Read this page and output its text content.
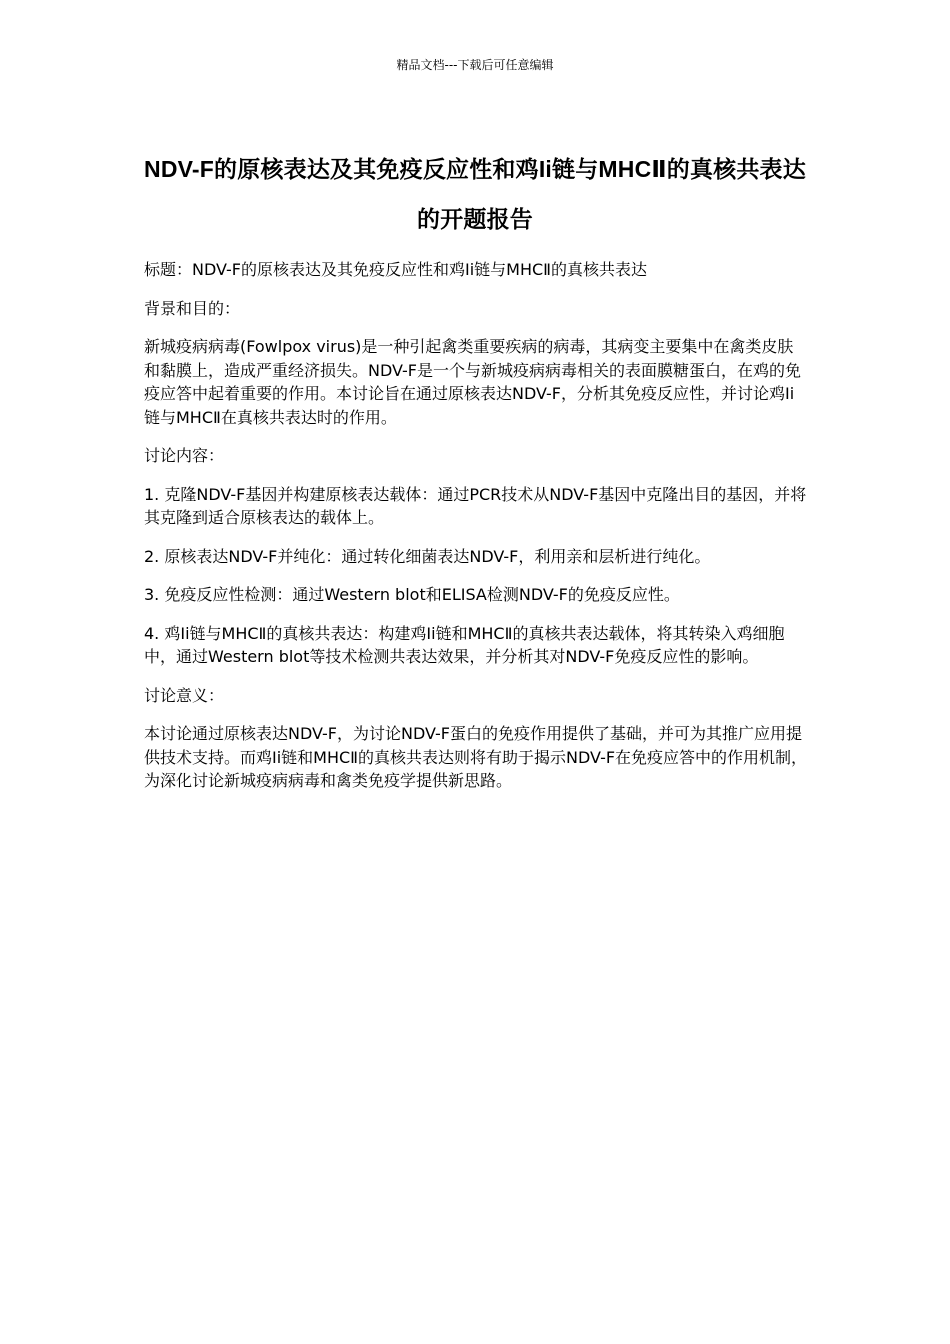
精品文档---下载后可任意编辑
NDV-F的原核表达及其免疫反应性和鸡Ii链与MHCⅡ的真核共表达的开题报告

标题：NDV-F的原核表达及其免疫反应性和鸡Ii链与MHCⅡ的真核共表达

背景和目的：

新城疫病病毒(Fowlpox virus)是一种引起禽类重要疾病的病毒，其病变主要集中在禽类皮肤和黏膜上，造成严重经济损失。NDV-F是一个与新城疫病病毒相关的表面膜糖蛋白，在鸡的免疫应答中起着重要的作用。本讨论旨在通过原核表达NDV-F，分析其免疫反应性，并讨论鸡Ii链与MHCⅡ在真核共表达时的作用。

讨论内容：

1. 克隆NDV-F基因并构建原核表达载体：通过PCR技术从NDV-F基因中克隆出目的基因，并将其克隆到适合原核表达的载体上。

2. 原核表达NDV-F并纯化：通过转化细菌表达NDV-F，利用亲和层析进行纯化。

3. 免疫反应性检测：通过Western blot和ELISA检测NDV-F的免疫反应性。

4. 鸡Ii链与MHCⅡ的真核共表达：构建鸡Ii链和MHCⅡ的真核共表达载体，将其转染入鸡细胞中，通过Western blot等技术检测共表达效果，并分析其对NDV-F免疫反应性的影响。

讨论意义：

本讨论通过原核表达NDV-F，为讨论NDV-F蛋白的免疫作用提供了基础，并可为其推广应用提供技术支持。而鸡Ii链和MHCⅡ的真核共表达则将有助于揭示NDV-F在免疫应答中的作用机制，为深化讨论新城疫病病毒和禽类免疫学提供新思路。
